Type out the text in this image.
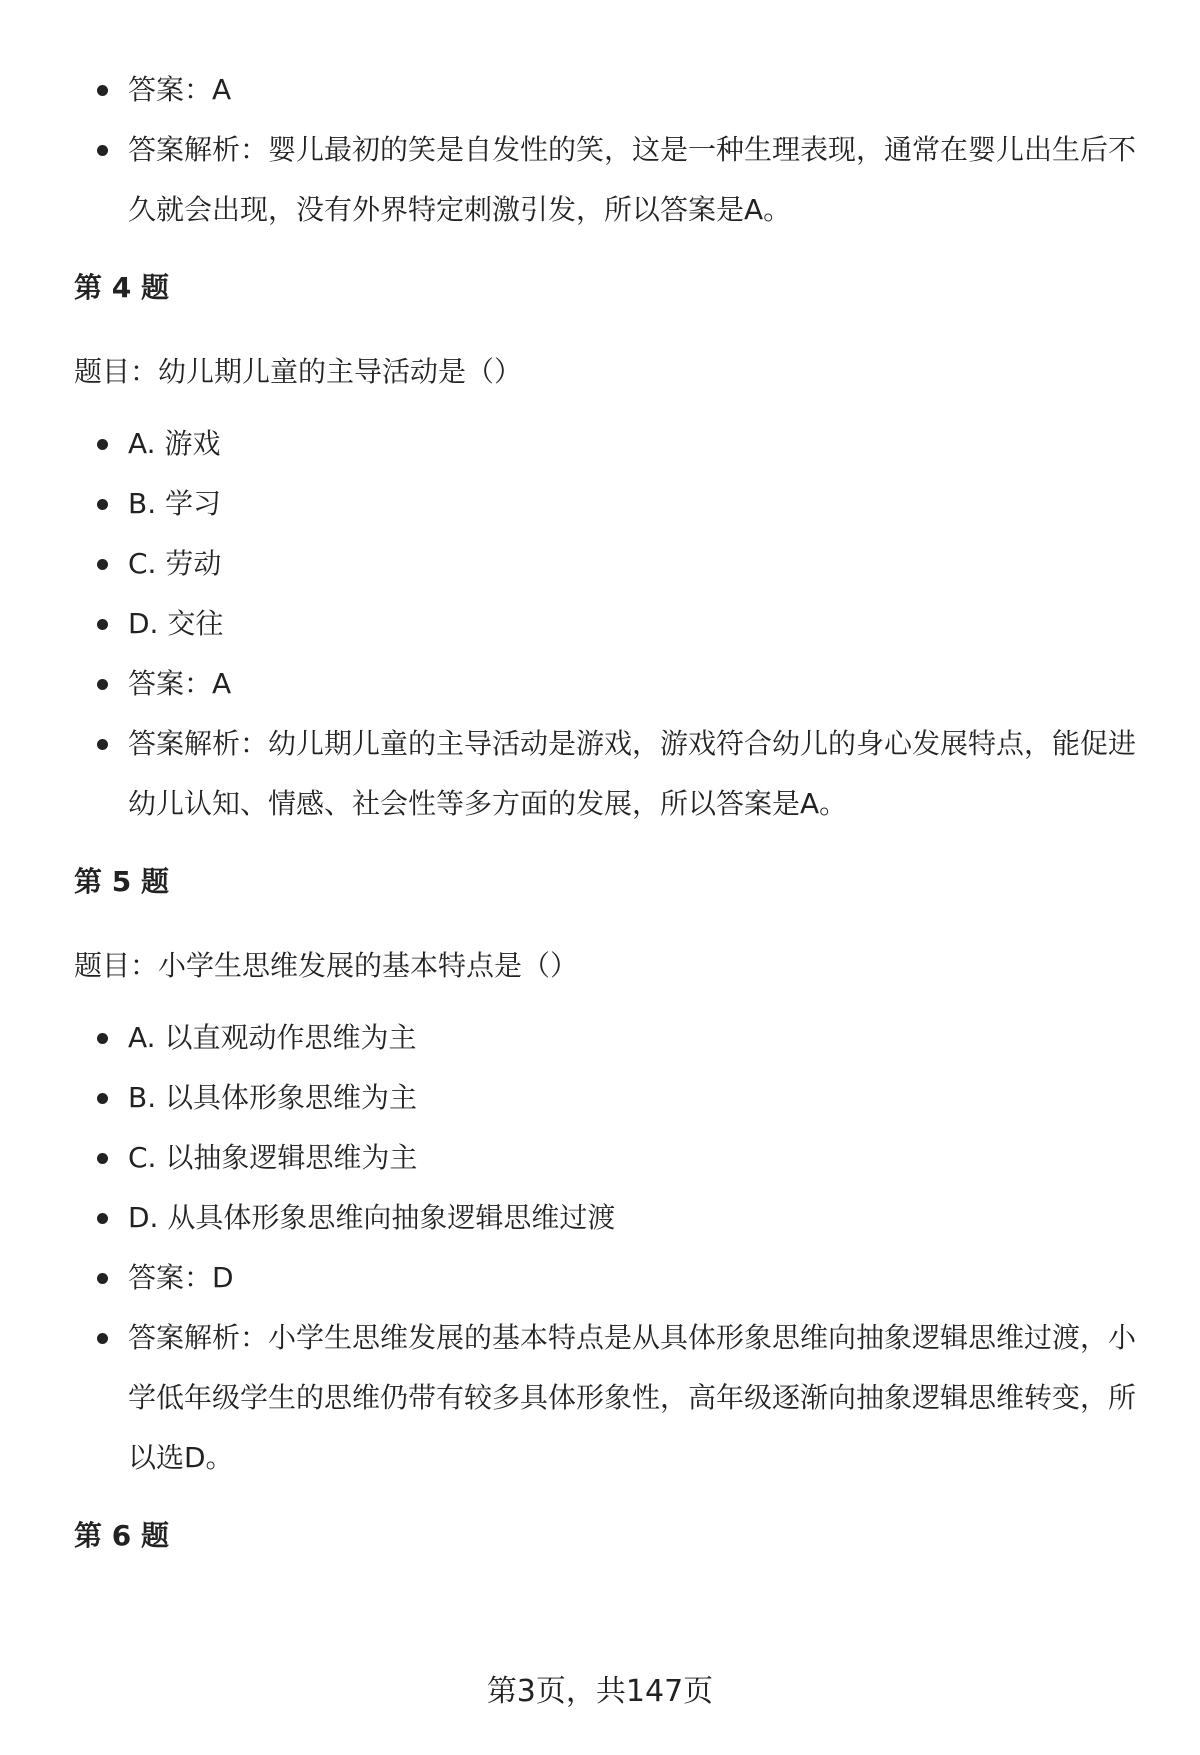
答案：A
答案解析：婴儿最初的笑是自发性的笑，这是一种生理表现，通常在婴儿出生后不久就会出现，没有外界特定刺激引发，所以答案是A。
第 4 题
题目：幼儿期儿童的主导活动是（）
A. 游戏
B. 学习
C. 劳动
D. 交往
答案：A
答案解析：幼儿期儿童的主导活动是游戏，游戏符合幼儿的身心发展特点，能促进幼儿认知、情感、社会性等多方面的发展，所以答案是A。
第 5 题
题目：小学生思维发展的基本特点是（）
A. 以直观动作思维为主
B. 以具体形象思维为主
C. 以抽象逻辑思维为主
D. 从具体形象思维向抽象逻辑思维过渡
答案：D
答案解析：小学生思维发展的基本特点是从具体形象思维向抽象逻辑思维过渡，小学低年级学生的思维仍带有较多具体形象性，高年级逐渐向抽象逻辑思维转变，所以选D。
第 6 题
第3页，共147页
